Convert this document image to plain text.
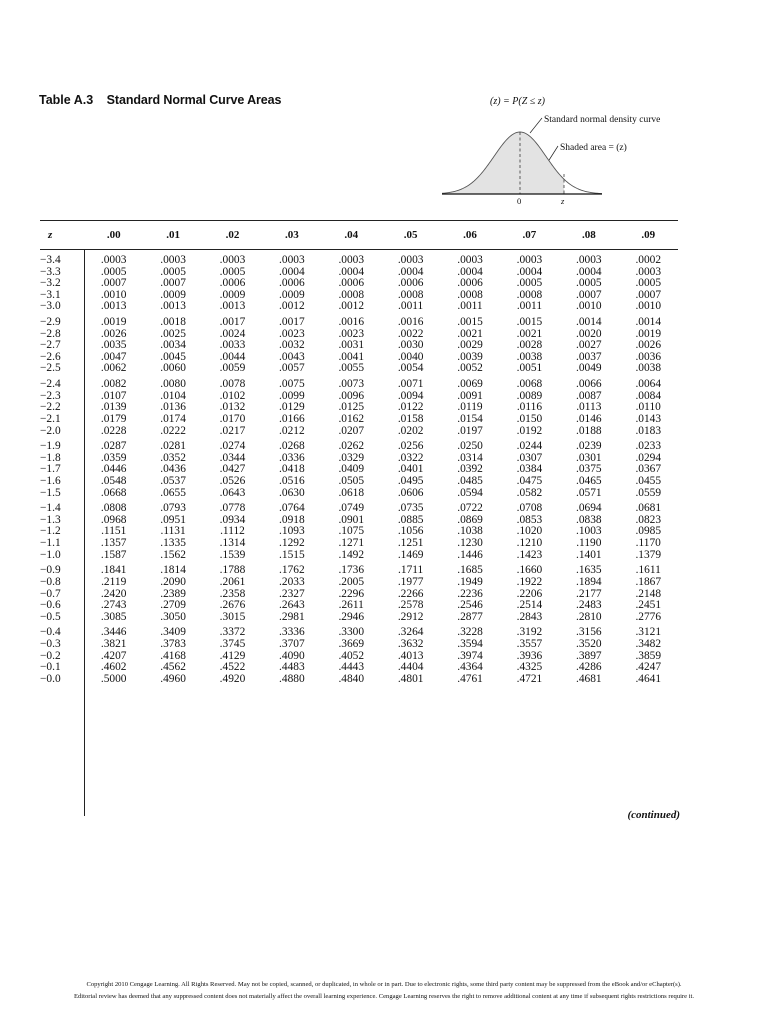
Table A.3 Standard Normal Curve Areas	(z) = P(Z ≤ z)
Standard normal density curve
Shaded area = (z)
0	z
z	.00	.01	.02	.03	.04	.05	.06	.07	.08	.09
−3.4	.0003	.0003	.0003	.0003	.0003	.0003	.0003	.0003	.0003	.0002
−3.3	.0005	.0005	.0005	.0004	.0004	.0004	.0004	.0004	.0004	.0003
−3.2	.0007	.0007	.0006	.0006	.0006	.0006	.0006	.0005	.0005	.0005
−3.1	.0010	.0009	.0009	.0009	.0008	.0008	.0008	.0008	.0007	.0007
−3.0	.0013	.0013	.0013	.0012	.0012	.0011	.0011	.0011	.0010	.0010
−2.9	.0019	.0018	.0017	.0017	.0016	.0016	.0015	.0015	.0014	.0014
−2.8	.0026	.0025	.0024	.0023	.0023	.0022	.0021	.0021	.0020	.0019
−2.7	.0035	.0034	.0033	.0032	.0031	.0030	.0029	.0028	.0027	.0026
−2.6	.0047	.0045	.0044	.0043	.0041	.0040	.0039	.0038	.0037	.0036
−2.5	.0062	.0060	.0059	.0057	.0055	.0054	.0052	.0051	.0049	.0038
−2.4	.0082	.0080	.0078	.0075	.0073	.0071	.0069	.0068	.0066	.0064
−2.3	.0107	.0104	.0102	.0099	.0096	.0094	.0091	.0089	.0087	.0084
−2.2	.0139	.0136	.0132	.0129	.0125	.0122	.0119	.0116	.0113	.0110
−2.1	.0179	.0174	.0170	.0166	.0162	.0158	.0154	.0150	.0146	.0143
−2.0	.0228	.0222	.0217	.0212	.0207	.0202	.0197	.0192	.0188	.0183
−1.9	.0287	.0281	.0274	.0268	.0262	.0256	.0250	.0244	.0239	.0233
−1.8	.0359	.0352	.0344	.0336	.0329	.0322	.0314	.0307	.0301	.0294
−1.7	.0446	.0436	.0427	.0418	.0409	.0401	.0392	.0384	.0375	.0367
−1.6	.0548	.0537	.0526	.0516	.0505	.0495	.0485	.0475	.0465	.0455
−1.5	.0668	.0655	.0643	.0630	.0618	.0606	.0594	.0582	.0571	.0559
−1.4	.0808	.0793	.0778	.0764	.0749	.0735	.0722	.0708	.0694	.0681
−1.3	.0968	.0951	.0934	.0918	.0901	.0885	.0869	.0853	.0838	.0823
−1.2	.1151	.1131	.1112	.1093	.1075	.1056	.1038	.1020	.1003	.0985
−1.1	.1357	.1335	.1314	.1292	.1271	.1251	.1230	.1210	.1190	.1170
−1.0	.1587	.1562	.1539	.1515	.1492	.1469	.1446	.1423	.1401	.1379
−0.9	.1841	.1814	.1788	.1762	.1736	.1711	.1685	.1660	.1635	.1611
−0.8	.2119	.2090	.2061	.2033	.2005	.1977	.1949	.1922	.1894	.1867
−0.7	.2420	.2389	.2358	.2327	.2296	.2266	.2236	.2206	.2177	.2148
−0.6	.2743	.2709	.2676	.2643	.2611	.2578	.2546	.2514	.2483	.2451
−0.5	.3085	.3050	.3015	.2981	.2946	.2912	.2877	.2843	.2810	.2776
−0.4	.3446	.3409	.3372	.3336	.3300	.3264	.3228	.3192	.3156	.3121
−0.3	.3821	.3783	.3745	.3707	.3669	.3632	.3594	.3557	.3520	.3482
−0.2	.4207	.4168	.4129	.4090	.4052	.4013	.3974	.3936	.3897	.3859
−0.1	.4602	.4562	.4522	.4483	.4443	.4404	.4364	.4325	.4286	.4247
−0.0	.5000	.4960	.4920	.4880	.4840	.4801	.4761	.4721	.4681	.4641
(continued)
Copyright 2010 Cengage Learning. All Rights Reserved. May not be copied, scanned, or duplicated, in whole or in part. Due to electronic rights, some third party content may be suppressed from the eBook and/or eChapter(s).
Editorial review has deemed that any suppressed content does not materially affect the overall learning experience. Cengage Learning reserves the right to remove additional content at any time if subsequent rights restrictions require it.
